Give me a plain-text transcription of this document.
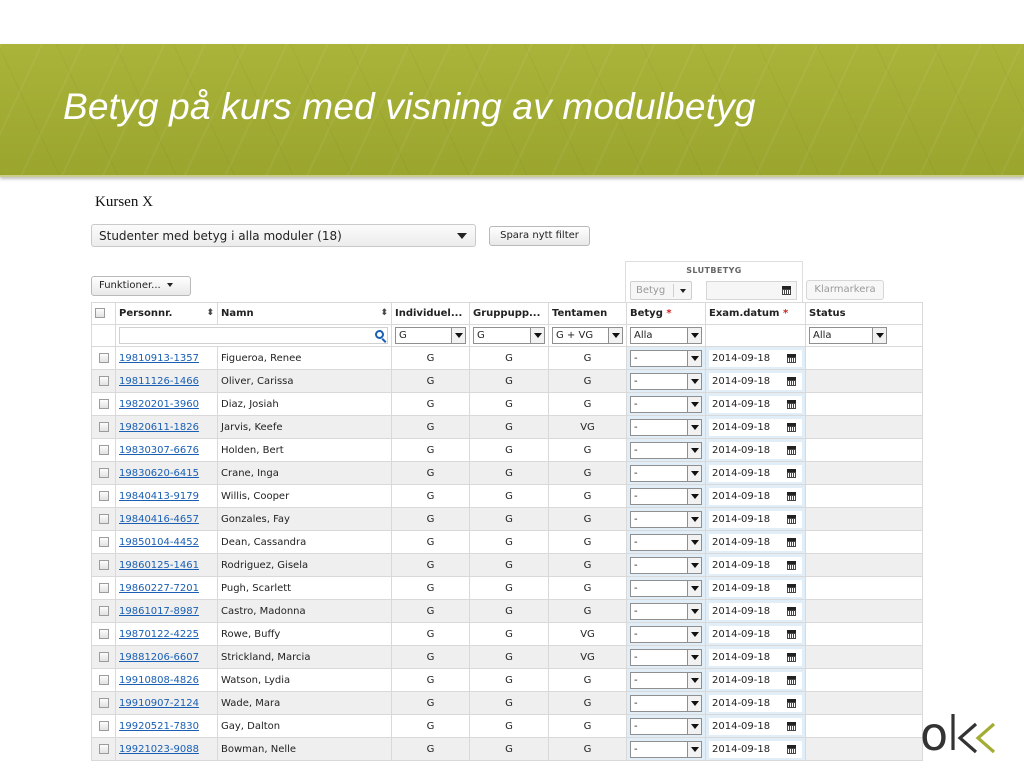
Betyg på kurs med visning av modulbetyg
Kursen X
Studenter med betyg i alla moduler (18)	Spara nytt filter
Funktioner...
SLUTBETYG
Betyg	Klarmarkera
	Personnr. ⬍	Namn ⬍	Individuel...	Gruppupp...	Tentamen	Betyg *	Exam.datum *	Status

			G	G	G + VG	Alla		Alla

	19810913-1357	Figueroa, Renee	G	G	G	-	2014-09-18	

	19811126-1466	Oliver, Carissa	G	G	G	-	2014-09-18	

	19820201-3960	Diaz, Josiah	G	G	G	-	2014-09-18	

	19820611-1826	Jarvis, Keefe	G	G	VG	-	2014-09-18	

	19830307-6676	Holden, Bert	G	G	G	-	2014-09-18	

	19830620-6415	Crane, Inga	G	G	G	-	2014-09-18	

	19840413-9179	Willis, Cooper	G	G	G	-	2014-09-18	

	19840416-4657	Gonzales, Fay	G	G	G	-	2014-09-18	

	19850104-4452	Dean, Cassandra	G	G	G	-	2014-09-18	

	19860125-1461	Rodriguez, Gisela	G	G	G	-	2014-09-18	

	19860227-7201	Pugh, Scarlett	G	G	G	-	2014-09-18	

	19861017-8987	Castro, Madonna	G	G	G	-	2014-09-18	

	19870122-4225	Rowe, Buffy	G	G	VG	-	2014-09-18	

	19881206-6607	Strickland, Marcia	G	G	VG	-	2014-09-18	

	19910808-4826	Watson, Lydia	G	G	G	-	2014-09-18	

	19910907-2124	Wade, Mara	G	G	G	-	2014-09-18	

	19920521-7830	Gay, Dalton	G	G	G	-	2014-09-18	

	19921023-9088	Bowman, Nelle	G	G	G	-	2014-09-18	
		o
